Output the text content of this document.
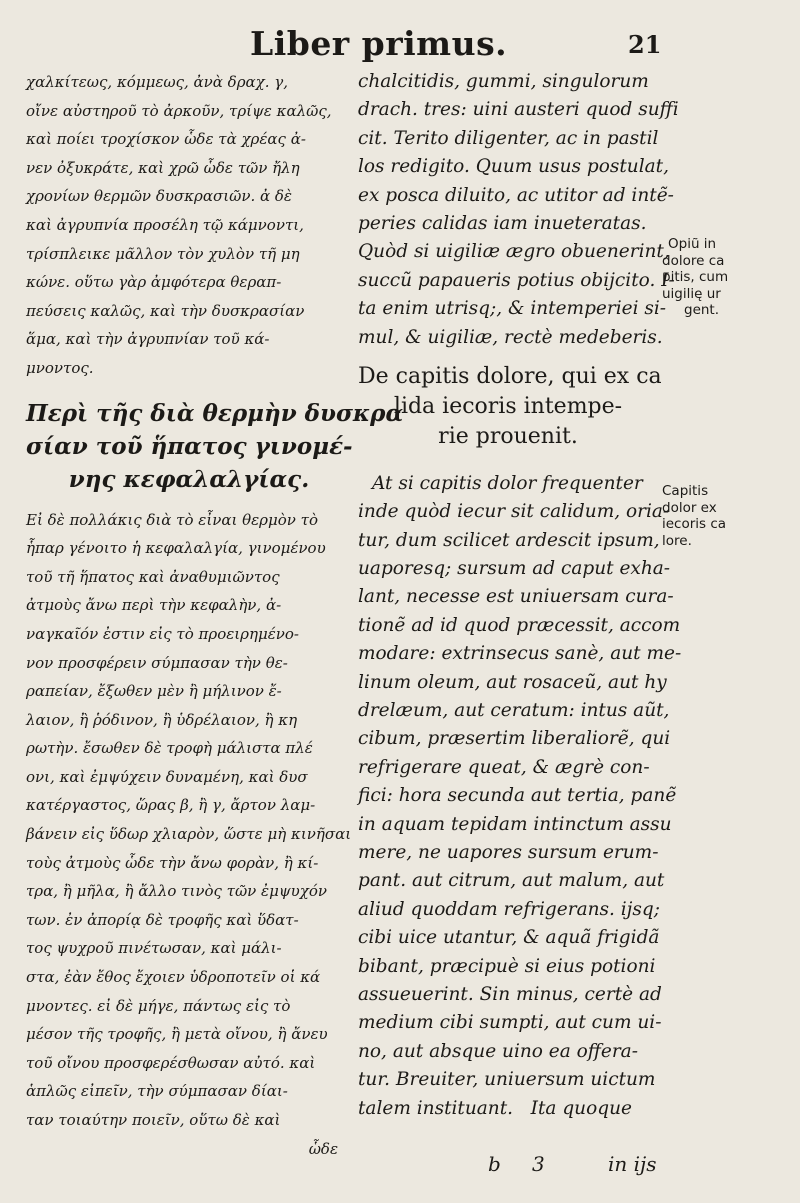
Liber primus.	21
χαλκίτεως, κόμμεως, ἀνὰ δραχ. γ,
οἴνε αὐστηροῦ τὸ ἀρκοῦν, τρίψε καλῶς,
καὶ ποίει τροχίσκον ὧδε τὰ χρέας ἀ-
νεν ὀξυκράτε, καὶ χρῶ ὧδε τῶν ἤλη
χρονίων θερμῶν δυσκρασιῶν. ἀ δὲ
καὶ ἀγρυπνία προσέλη τῷ κάμνοντι,
τρίσπλεικε μᾶλλον τὸν χυλὸν τῆ μη
κώνε. οὕτω γὰρ ἀμφότερα θεραπ-
πεύσεις καλῶς, καὶ τὴν δυσκρασίαν
ἅμα, καὶ τὴν ἀγρυπνίαν τοῦ κά-
μνοντος.
Περὶ τῆς διὰ θερμὴν δυσκρα
σίαν τοῦ ἥπατος γινομέ-
νης κεφαλαλγίας.
Εἰ δὲ πολλάκις διὰ τὸ εἶναι θερμὸν τὸ
ἧπαρ γένοιτο ἡ κεφαλαλγία, γινομένου
τοῦ τῆ ἥπατος καὶ ἀναθυμιῶντος
ἀτμοὺς ἄνω περὶ τὴν κεφαλὴν, ἀ-
ναγκαῖόν ἐστιν εἰς τὸ προειρημένο-
νον προσφέρειν σύμπασαν τὴν θε-
ραπείαν, ἔξωθεν μὲν ἢ μήλινον ἔ-
λαιον, ἢ ῥόδινον, ἢ ὑδρέλαιον, ἢ κη
ρωτὴν. ἔσωθεν δὲ τροφὴ μάλιστα πλέ
ονι, καὶ ἐμψύχειν δυναμένη, καὶ δυσ
κατέργαστος, ὥρας β, ἢ γ, ἄρτον λαμ-
βάνειν εἰς ὕδωρ χλιαρὸν, ὥστε μὴ κινῆσαι
τοὺς ἀτμοὺς ὧδε τὴν ἄνω φορὰν, ἢ κί-
τρα, ἢ μῆλα, ἢ ἄλλο τινὸς τῶν ἐμψυχόν
των. ἐν ἀπορίᾳ δὲ τροφῆς καὶ ὕδατ-
τος ψυχροῦ πινέτωσαν, καὶ μάλι-
στα, ἐὰν ἔθος ἔχοιεν ὑδροποτεῖν οἱ κά
μνοντες. εἰ δὲ μήγε, πάντως εἰς τὸ
μέσον τῆς τροφῆς, ἢ μετὰ οἴνου, ἢ ἄνευ
τοῦ οἴνου προσφερέσθωσαν αὐτό. καὶ
ἁπλῶς εἰπεῖν, τὴν σύμπασαν δίαι-
ταν τοιαύτην ποιεῖν, οὕτω δὲ καὶ
ὧδε
chalcitidis, gummi, singulorum
drach. tres: uini austeri quod suffi
cit. Terito diligenter, ac in pastil
los redigito. Quum usus postulat,
ex posca diluito, ac utitor ad intẽ-
peries calidas iam inueteratas.
Quòd si uigiliæ ægro obuenerint,
succũ papaueris potius obijcito. I-
ta enim utrisq;, & intemperiei si-
mul, & uigiliæ, rectè medeberis.
De capitis dolore, qui ex ca
lida iecoris intempe-
rie prouenit.
At si capitis dolor frequenter
inde quòd iecur sit calidum, oria-
tur, dum scilicet ardescit ipsum,
uaporesq; sursum ad caput exha-
lant, necesse est uniuersam cura-
tionẽ ad id quod præcessit, accom
modare: extrinsecus sanè, aut me-
linum oleum, aut rosaceũ, aut hy
drelæum, aut ceratum: intus aũt,
cibum, præsertim liberaliorẽ, qui
refrigerare queat, & ægrè con-
fici: hora secunda aut tertia, panẽ
in aquam tepidam intinctum assu
mere, ne uapores sursum erum-
pant. aut citrum, aut malum, aut
aliud quoddam refrigerans. ijsq;
cibi uice utantur, & aquã frigidã
bibant, præcipuè si eius potioni
assueuerint. Sin minus, certè ad
medium cibi sumpti, aut cum ui-
no, aut absque uino ea offera-
tur. Breuiter, uniuersum uictum
talem instituant.   Ita quoque
Opiũ in
dolore ca
pitis, cum
uigilię ur
gent.
Capitis
dolor ex
iecoris ca
lore.
b 3	in ijs
